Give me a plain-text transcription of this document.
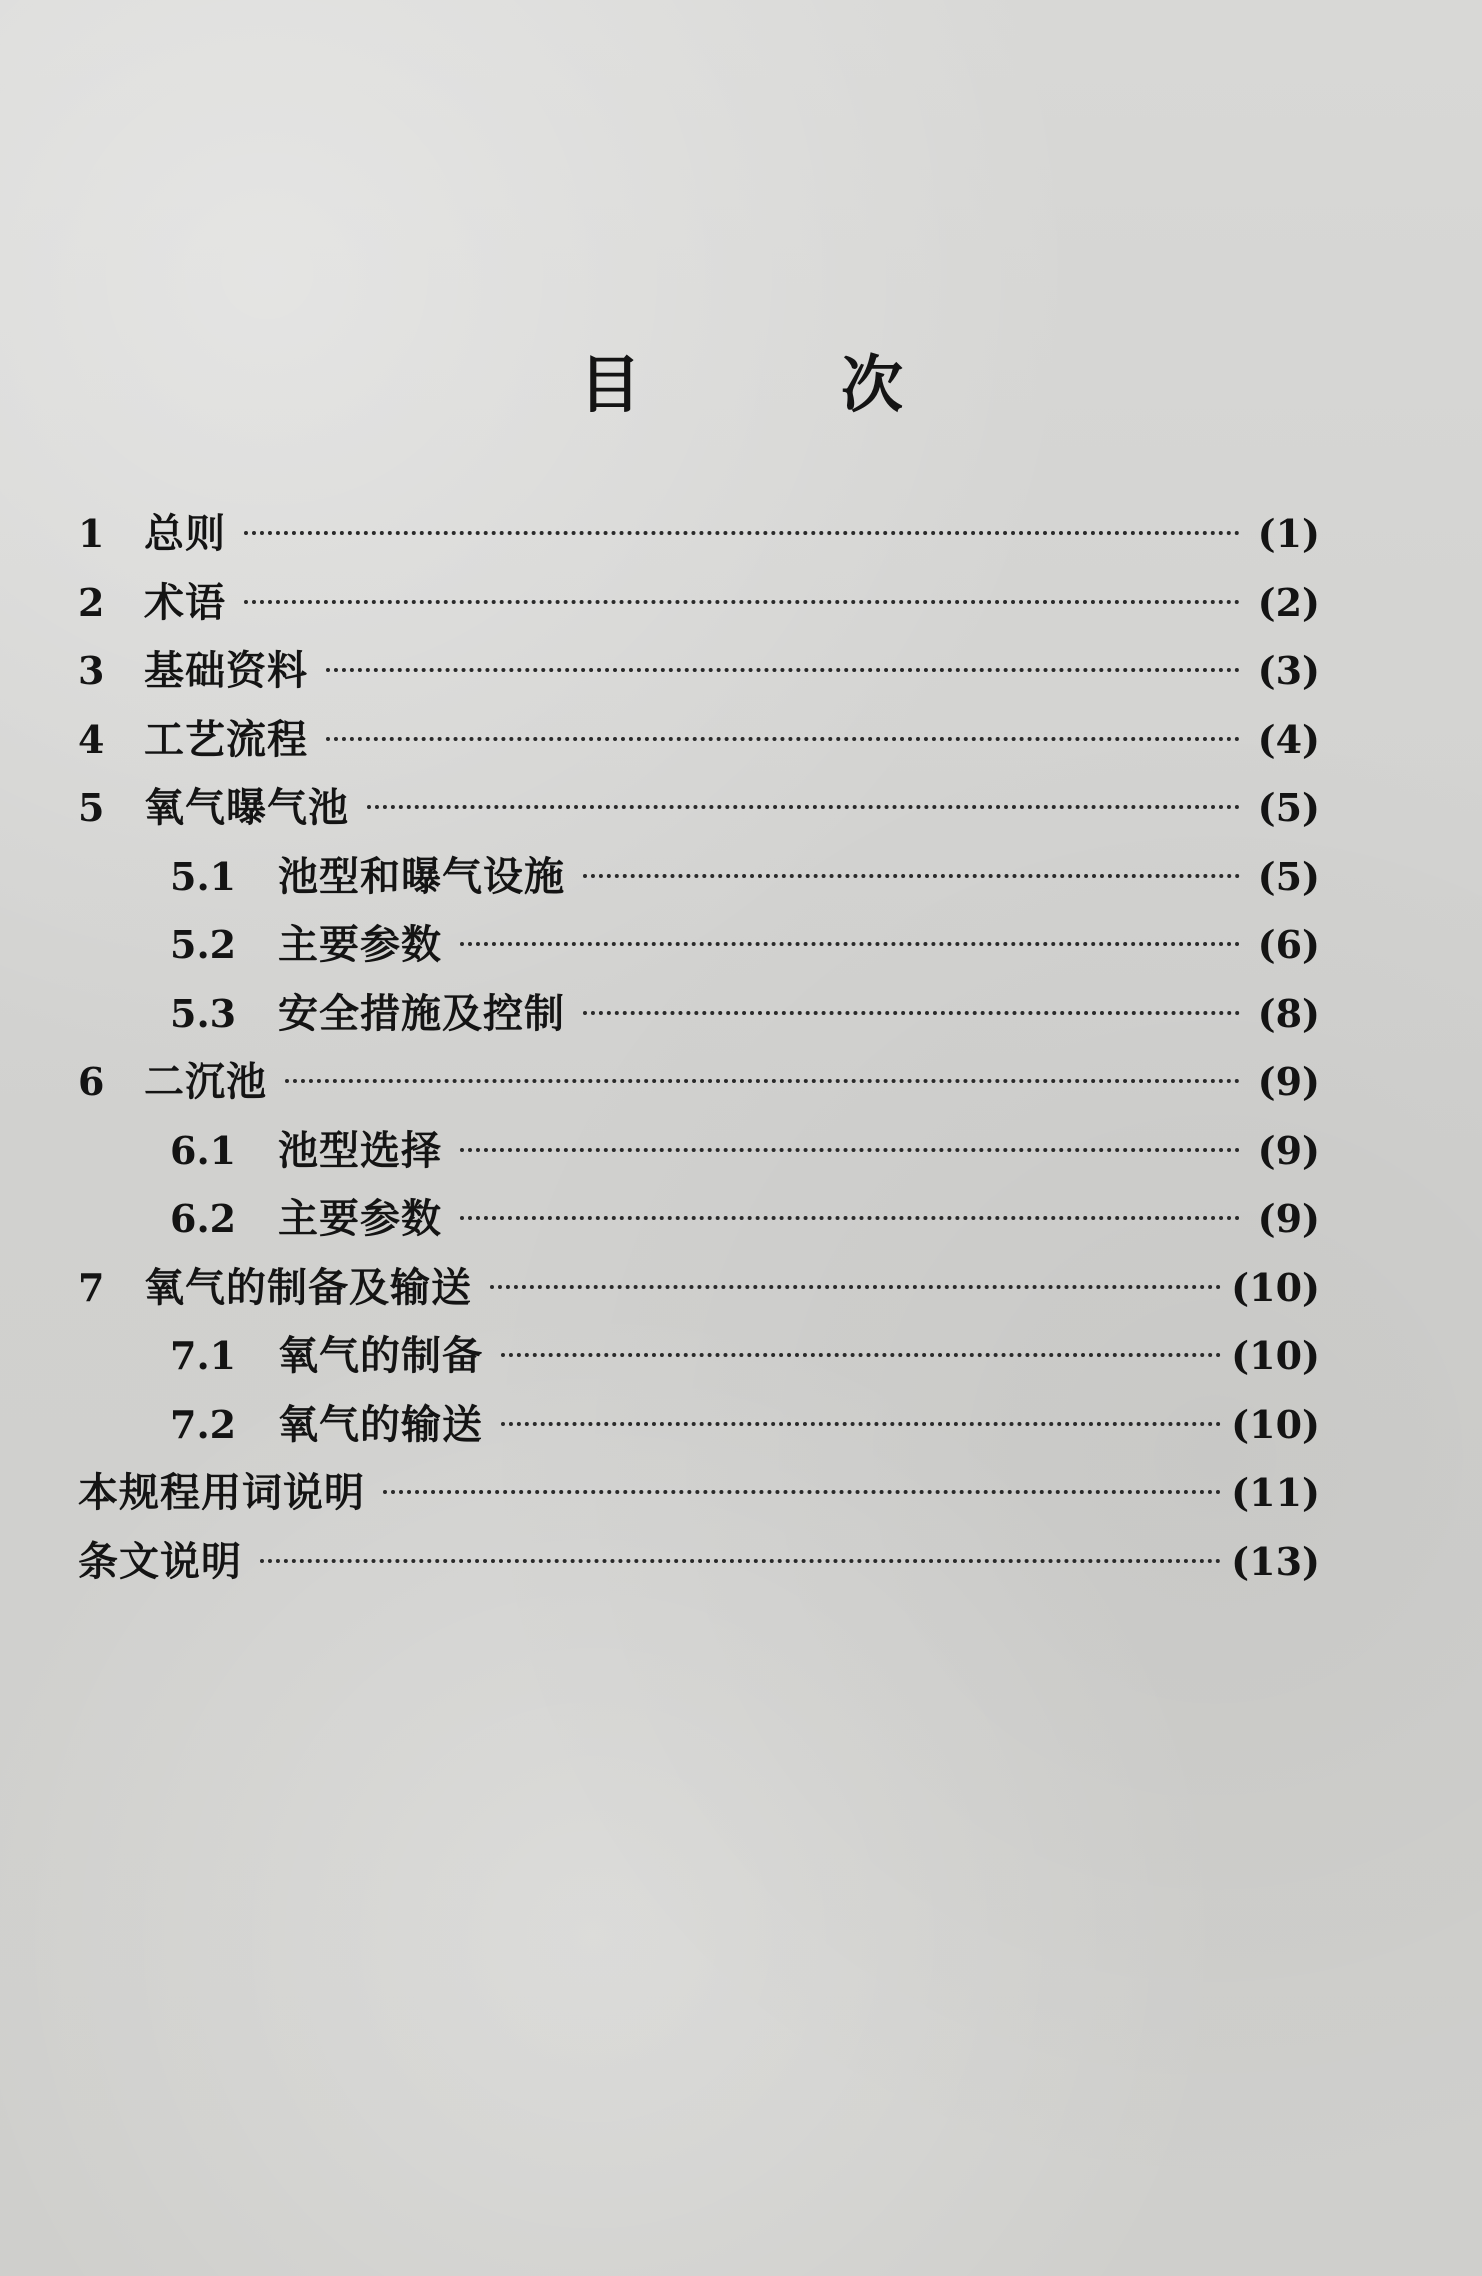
目	次
1 总则	(1)
2 术语	(2)
3 基础资料	(3)
4 工艺流程	(4)
5 氧气曝气池	(5)
5.1	池型和曝气设施	(5)
5.2	主要参数	(6)
5.3	安全措施及控制	(8)
6 二沉池	(9)
6.1	池型选择	(9)
6.2	主要参数	(9)
7 氧气的制备及输送	(10)
7.1	氧气的制备	(10)
7.2	氧气的输送	(10)
本规程用词说明	(11)
条文说明	(13)
